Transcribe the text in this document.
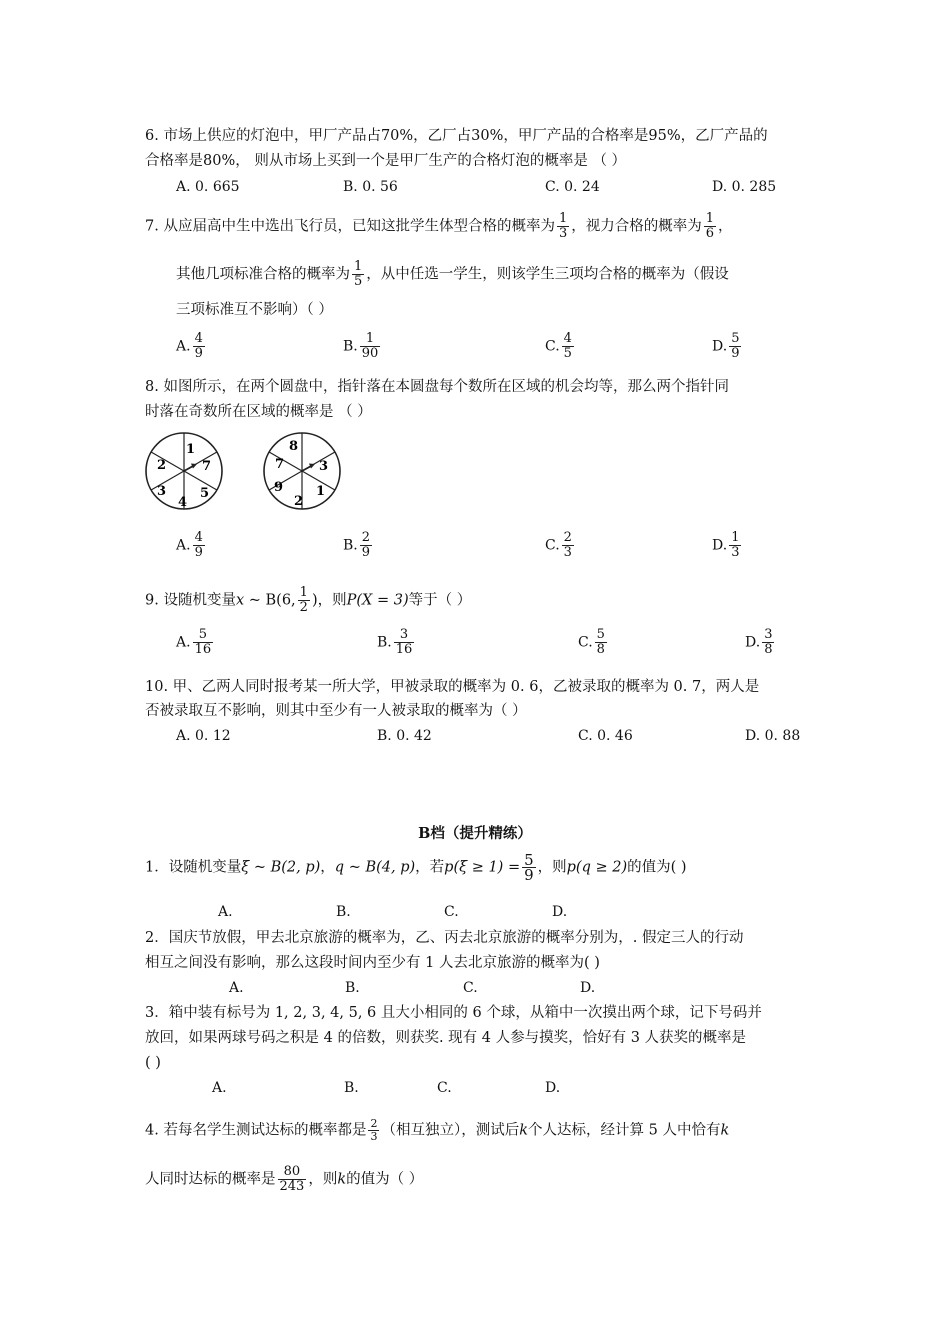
6. 市场上供应的灯泡中，甲厂产品占70%，乙厂占30%，甲厂产品的合格率是95%，乙厂产品的
合格率是80%， 则从市场上买到一个是甲厂生产的合格灯泡的概率是 （ ）
A. 0. 665	B. 0. 56	C. 0. 24	D. 0. 285
7. 从应届高中生中选出飞行员，已知这批学生体型合格的概率为 $\frac{1}{3}$ ，视力合格的概率为 $\frac{1}{6}$ ，
其他几项标准合格的概率为 $\frac{1}{5}$ ，从中任选一学生，则该学生三项均合格的概率为（假设
三项标准互不影响）（ ）
A. $\frac{4}{9}$	B. $\frac{1}{90}$	C. $\frac{4}{5}$	D. $\frac{5}{9}$
8. 如图所示，在两个圆盘中，指针落在本圆盘每个数所在区域的机会均等，那么两个指针同
时落在奇数所在区域的概率是 （ ）
1
7
5
4
3
2
8
3
1
2
9
7
A. $\frac{4}{9}$	B. $\frac{2}{9}$	C. $\frac{2}{3}$	D. $\frac{1}{3}$
9. 设随机变量x ~ B(6, $\frac{1}{2}$ )，则P(X = 3)等于（ ）
A. $\frac{5}{16}$	B. $\frac{3}{16}$	C. $\frac{5}{8}$	D. $\frac{3}{8}$
10. 甲、乙两人同时报考某一所大学，甲被录取的概率为 0. 6，乙被录取的概率为 0. 7，两人是
否被录取互不影响，则其中至少有一人被录取的概率为（ ）
A. 0. 12	B. 0. 42	C. 0. 46	D. 0. 88
B档（提升精练）
1．设随机变量ξ ~ B(2, p)，q ~ B(4, p)，若$p(\xi \ge 1) = \frac{5}{9}$ ，则p(q ≥ 2)的值为( )
A.	B.	C.	D.
2．国庆节放假，甲去北京旅游的概率为，乙、丙去北京旅游的概率分别为，. 假定三人的行动
相互之间没有影响，那么这段时间内至少有 1 人去北京旅游的概率为( )
A.	B.	C.	D.
3．箱中装有标号为 1, 2, 3, 4, 5, 6 且大小相同的 6 个球，从箱中一次摸出两个球，记下号码并
放回，如果两球号码之积是 4 的倍数，则获奖. 现有 4 人参与摸奖，恰好有 3 人获奖的概率是
( )
A.	B.	C.	D.
4. 若每名学生测试达标的概率都是 $\frac{2}{3}$ （相互独立），测试后k个人达标，经计算 5 人中恰有k
人同时达标的概率是 $\frac{80}{243}$ ，则k的值为（ ）
